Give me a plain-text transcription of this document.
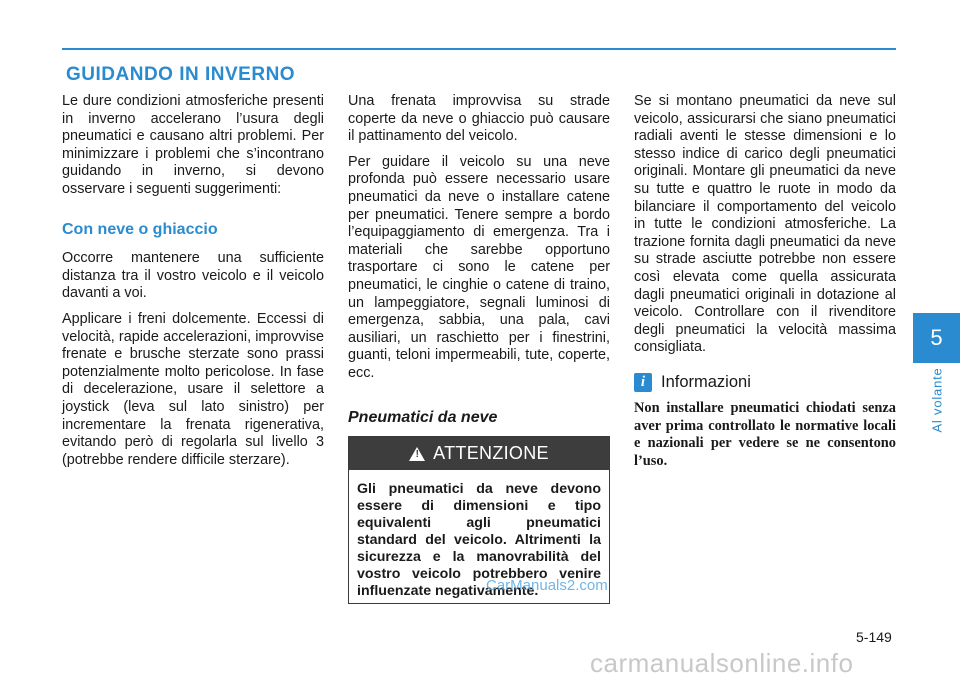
GUIDANDO IN INVERNO

Le dure condizioni atmosferiche presenti in inverno accelerano l’usura degli pneumatici e causano altri problemi. Per minimizzare i problemi che s’incontrano guidando in inverno, si devono osservare i seguenti suggerimenti:

Con neve o ghiaccio

Occorre mantenere una sufficiente distanza tra il vostro veicolo e il veicolo davanti a voi.

Applicare i freni dolcemente. Eccessi di velocità, rapide accelerazioni, improvvise frenate e brusche sterzate sono prassi potenzialmente molto pericolose. In fase di decelerazione, usare il selettore a joystick (leva sul lato sinistro) per incrementare la frenata rigenerativa, evitando però di regolarla sul livello 3 (potrebbe rendere difficile sterzare).

Una frenata improvvisa su strade coperte da neve o ghiaccio può causare il pattinamento del veicolo.

Per guidare il veicolo su una neve profonda può essere necessario usare pneumatici da neve o installare catene per pneumatici. Tenere sempre a bordo l’equipaggiamento di emergenza. Tra i materiali che sarebbe opportuno trasportare ci sono le catene per pneumatici, le cinghie o catene di traino, un lampeggiatore, segnali luminosi di emergenza, sabbia, una pala, cavi ausiliari, un raschietto per i finestrini, guanti, teloni impermeabili, tute, coperte, ecc.

Pneumatici da neve
! ATTENZIONE
Gli pneumatici da neve devono essere di dimensioni e tipo equivalenti agli pneumatici standard del veicolo. Altrimenti la sicurezza e la manovrabilità del vostro veicolo potrebbero venire influenzate negativamente.

Se si montano pneumatici da neve sul veicolo, assicurarsi che siano pneumatici radiali aventi le stesse dimensioni e lo stesso indice di carico degli pneumatici originali. Montare gli pneumatici da neve su tutte e quattro le ruote in modo da bilanciare il comportamento del veicolo in tutte le condizioni atmosferiche. La trazione fornita dagli pneumatici da neve su strade asciutte potrebbe non essere così elevata come quella assicurata dagli pneumatici originali in dotazione al veicolo. Controllare con il rivenditore degli pneumatici la velocità massima consigliata.

i Informazioni
Non installare pneumatici chiodati senza aver prima controllato le normative locali e nazionali per vedere se ne consentono l’uso.
5
Al volante
5-149
CarManuals2.com
carmanualsonline.info
